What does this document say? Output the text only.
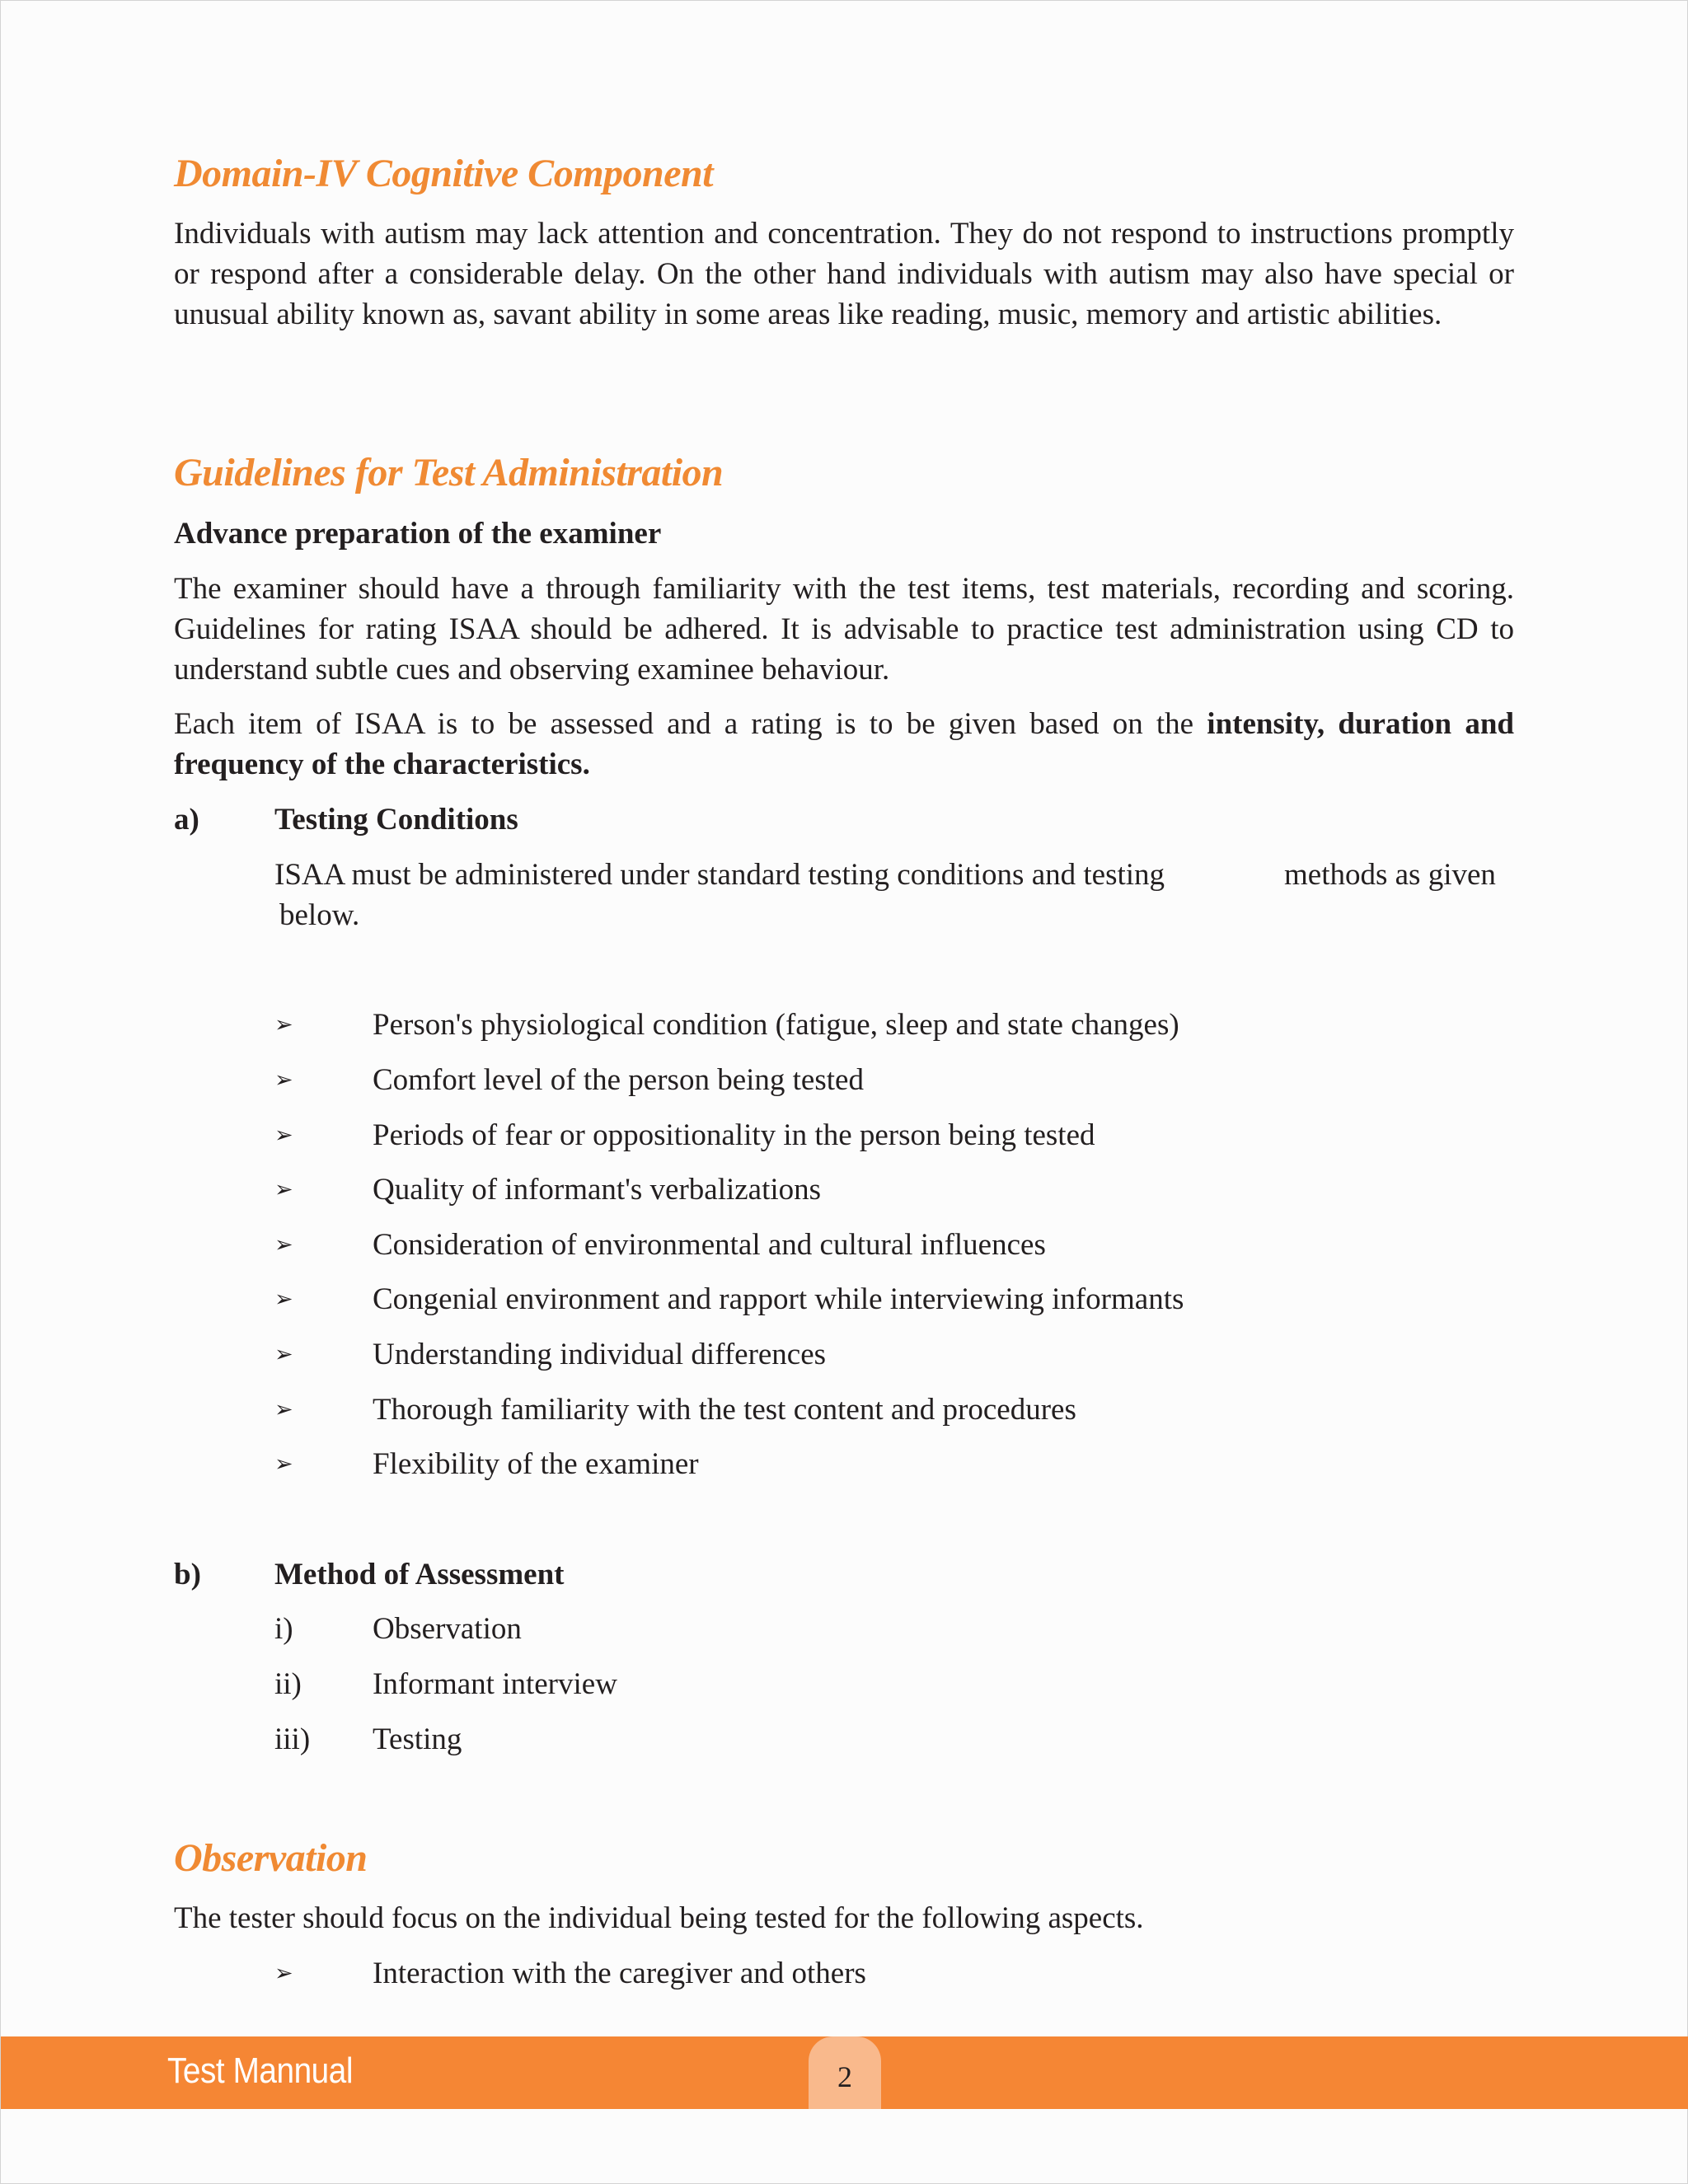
Domain-IV Cognitive Component
Individuals with autism may lack attention and concentration. They do not respond to instructions promptly or respond after a considerable delay. On the other hand individuals with autism may also have special or unusual ability known as, savant ability in some areas like reading, music, memory and artistic abilities.
Guidelines for Test Administration
Advance preparation of the examiner
The examiner should have a through familiarity with the test items, test materials, recording and scoring. Guidelines for rating ISAA should be adhered. It is advisable to practice test administration using CD to understand subtle cues and observing examinee behaviour.
Each item of ISAA is to be assessed and a rating is to be given based on the intensity, duration and frequency of the characteristics.
a) Testing Conditions
ISAA must be administered under standard testing conditions and testing	methods as given
below.
➢	Person's physiological condition (fatigue, sleep and state changes)
➢	Comfort level of the person being tested
➢	Periods of fear or oppositionality in the person being tested
➢	Quality of informant's verbalizations
➢	Consideration of environmental and cultural influences
➢	Congenial environment and rapport while interviewing informants
➢	Understanding individual differences
➢	Thorough familiarity with the test content and procedures
➢	Flexibility of the examiner
b) Method of Assessment
i)	Observation
ii) Informant interview
iii) Testing
Observation
The tester should focus on the individual being tested for the following aspects.
➢	Interaction with the caregiver and others
Test Mannual	2
